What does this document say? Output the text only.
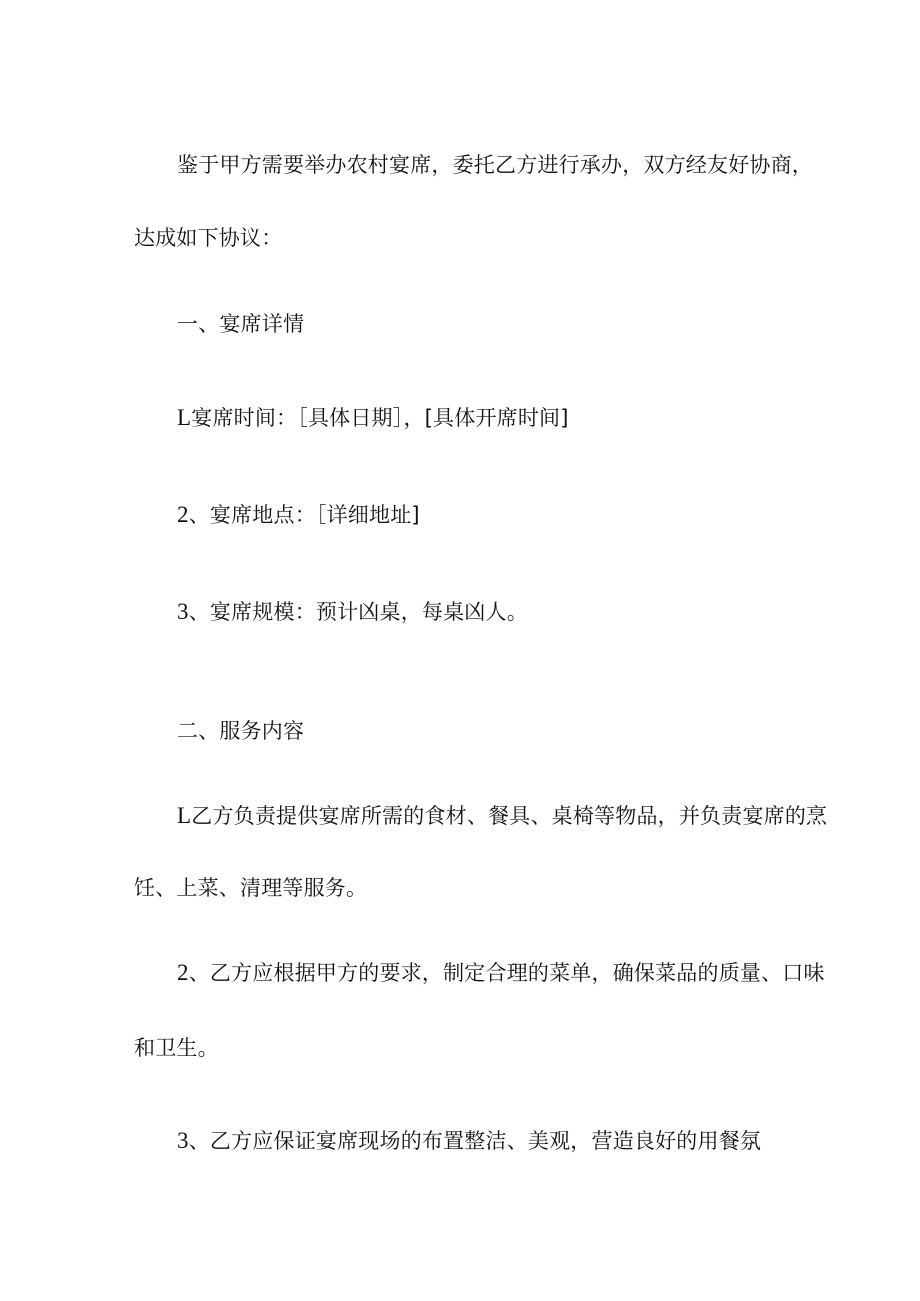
鉴于甲方需要举办农村宴席，委托乙方进行承办，双方经友好协商，
达成如下协议：
一、宴席详情
L宴席时间：［具体日期］，[具体开席时间]
2、宴席地点：［详细地址]
3、宴席规模：预计凶桌，每桌凶人。
二、服务内容
L乙方负责提供宴席所需的食材、餐具、桌椅等物品，并负责宴席的烹
饪、上菜、清理等服务。
2、乙方应根据甲方的要求，制定合理的菜单，确保菜品的质量、口味
和卫生。
3、乙方应保证宴席现场的布置整洁、美观，营造良好的用餐氛
